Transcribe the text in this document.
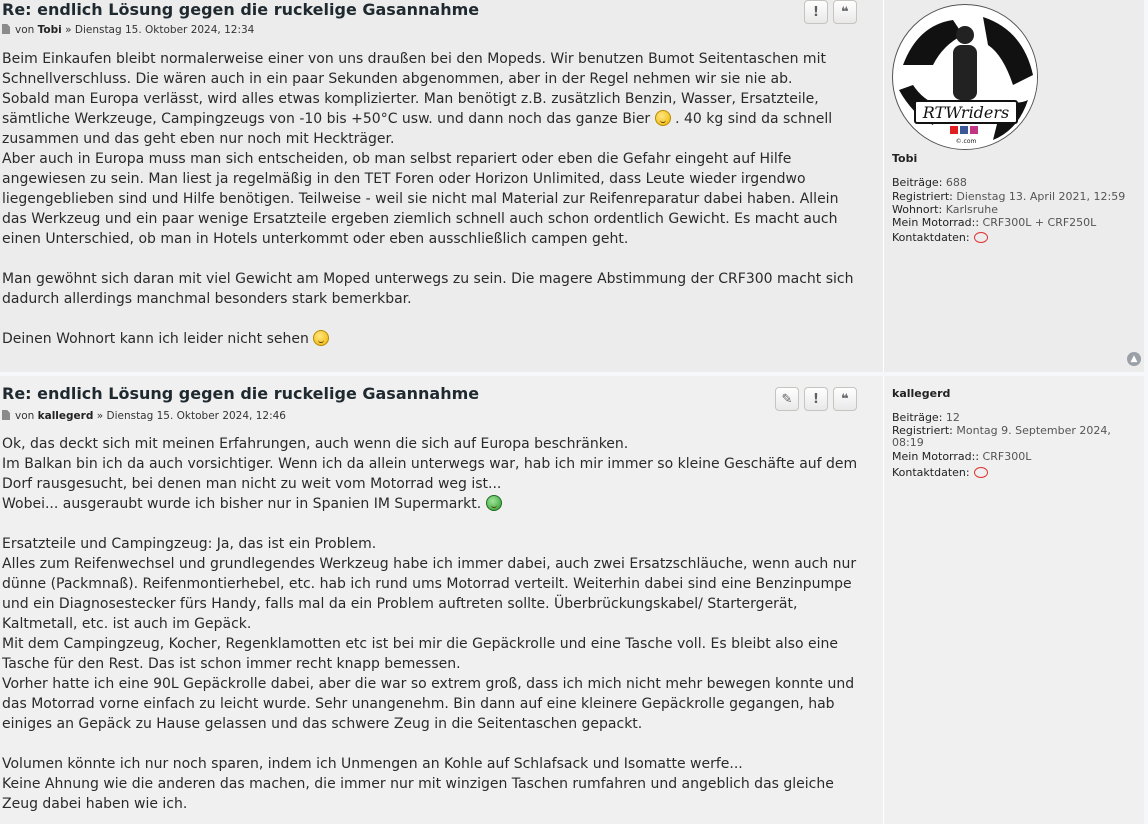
Re: endlich Lösung gegen die ruckelige Gasannahme
von Tobi » Dienstag 15. Oktober 2024, 12:34

Beim Einkaufen bleibt normalerweise einer von uns draußen bei den Mopeds. Wir benutzen Bumot Seitentaschen mit Schnellverschluss. Die wären auch in ein paar Sekunden abgenommen, aber in der Regel nehmen wir sie nie ab.

Sobald man Europa verlässt, wird alles etwas komplizierter. Man benötigt z.B. zusätzlich Benzin, Wasser, Ersatzteile, sämtliche Werkzeuge, Campingzeugs von -10 bis +50°C usw. und dann noch das ganze Bier . 40 kg sind da schnell zusammen und das geht eben nur noch mit Heckträger.

Aber auch in Europa muss man sich entscheiden, ob man selbst repariert oder eben die Gefahr eingeht auf Hilfe angewiesen zu sein. Man liest ja regelmäßig in den TET Foren oder Horizon Unlimited, dass Leute wieder irgendwo liegengeblieben sind und Hilfe benötigen. Teilweise - weil sie nicht mal Material zur Reifenreparatur dabei haben. Allein das Werkzeug und ein paar wenige Ersatzteile ergeben ziemlich schnell auch schon ordentlich Gewicht. Es macht auch einen Unterschied, ob man in Hotels unterkommt oder eben ausschließlich campen geht.

Man gewöhnt sich daran mit viel Gewicht am Moped unterwegs zu sein. Die magere Abstimmung der CRF300 macht sich dadurch allerdings manchmal besonders stark bemerkbar.

Deinen Wohnort kann ich leider nicht sehen

! ❝
RTWriders
©.com
Tobi
Beiträge: 688
Registriert: Dienstag 13. April 2021, 12:59
Wohnort: Karlsruhe
Mein Motorrad:: CRF300L + CRF250L
Kontaktdaten:
▲
Re: endlich Lösung gegen die ruckelige Gasannahme
von kallegerd » Dienstag 15. Oktober 2024, 12:46

Ok, das deckt sich mit meinen Erfahrungen, auch wenn die sich auf Europa beschränken.

Im Balkan bin ich da auch vorsichtiger. Wenn ich da allein unterwegs war, hab ich mir immer so kleine Geschäfte auf dem Dorf rausgesucht, bei denen man nicht zu weit vom Motorrad weg ist...

Wobei... ausgeraubt wurde ich bisher nur in Spanien IM Supermarkt.

Ersatzteile und Campingzeug: Ja, das ist ein Problem.

Alles zum Reifenwechsel und grundlegendes Werkzeug habe ich immer dabei, auch zwei Ersatzschläuche, wenn auch nur dünne (Packmnaß). Reifenmontierhebel, etc. hab ich rund ums Motorrad verteilt. Weiterhin dabei sind eine Benzinpumpe und ein Diagnosestecker fürs Handy, falls mal da ein Problem auftreten sollte. Überbrückungskabel/ Startergerät, Kaltmetall, etc. ist auch im Gepäck.

Mit dem Campingzeug, Kocher, Regenklamotten etc ist bei mir die Gepäckrolle und eine Tasche voll. Es bleibt also eine Tasche für den Rest. Das ist schon immer recht knapp bemessen.

Vorher hatte ich eine 90L Gepäckrolle dabei, aber die war so extrem groß, dass ich mich nicht mehr bewegen konnte und das Motorrad vorne einfach zu leicht wurde. Sehr unangenehm. Bin dann auf eine kleinere Gepäckrolle gegangen, hab einiges an Gepäck zu Hause gelassen und das schwere Zeug in die Seitentaschen gepackt.

Volumen könnte ich nur noch sparen, indem ich Unmengen an Kohle auf Schlafsack und Isomatte werfe...

Keine Ahnung wie die anderen das machen, die immer nur mit winzigen Taschen rumfahren und angeblich das gleiche Zeug dabei haben wie ich.

✎ ! ❝	kallegerd
Beiträge: 12
Registriert: Montag 9. September 2024, 08:19
Mein Motorrad:: CRF300L
Kontaktdaten:
